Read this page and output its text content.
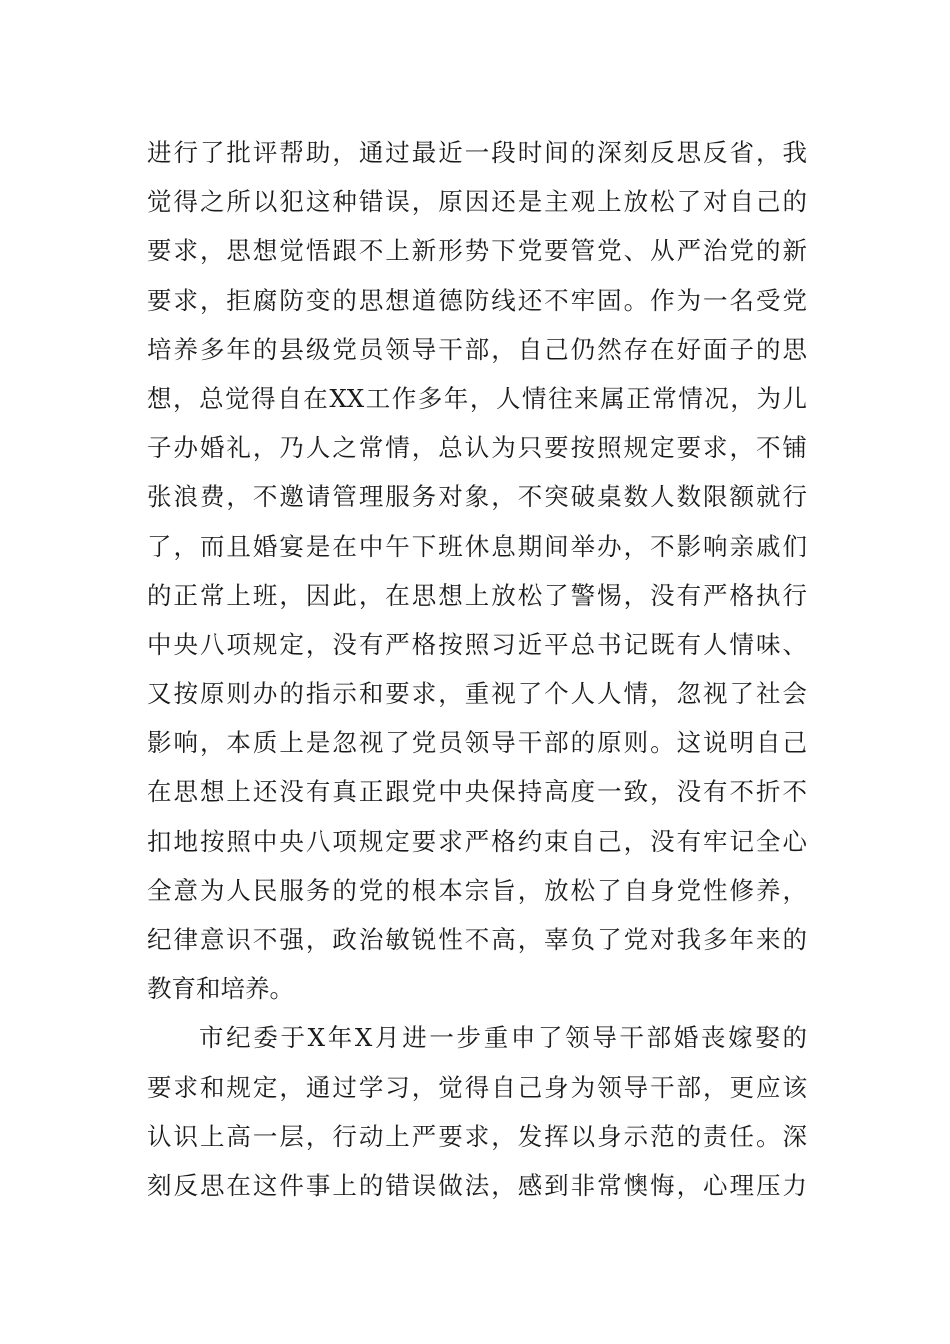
进行了批评帮助，通过最近一段时间的深刻反思反省，我
觉得之所以犯这种错误，原因还是主观上放松了对自己的
要求，思想觉悟跟不上新形势下党要管党、从严治党的新
要求，拒腐防变的思想道德防线还不牢固。作为一名受党
培养多年的县级党员领导干部，自己仍然存在好面子的思
想，总觉得自在XX工作多年，人情往来属正常情况，为儿
子办婚礼，乃人之常情，总认为只要按照规定要求，不铺
张浪费，不邀请管理服务对象，不突破桌数人数限额就行
了，而且婚宴是在中午下班休息期间举办，不影响亲戚们
的正常上班，因此，在思想上放松了警惕，没有严格执行
中央八项规定，没有严格按照习近平总书记既有人情味、
又按原则办的指示和要求，重视了个人人情，忽视了社会
影响，本质上是忽视了党员领导干部的原则。这说明自己
在思想上还没有真正跟党中央保持高度一致，没有不折不
扣地按照中央八项规定要求严格约束自己，没有牢记全心
全意为人民服务的党的根本宗旨，放松了自身党性修养，
纪律意识不强，政治敏锐性不高，辜负了党对我多年来的
教育和培养。
市纪委于X年X月进一步重申了领导干部婚丧嫁娶的
要求和规定，通过学习，觉得自己身为领导干部，更应该
认识上高一层，行动上严要求，发挥以身示范的责任。深
刻反思在这件事上的错误做法，感到非常懊悔，心理压力
